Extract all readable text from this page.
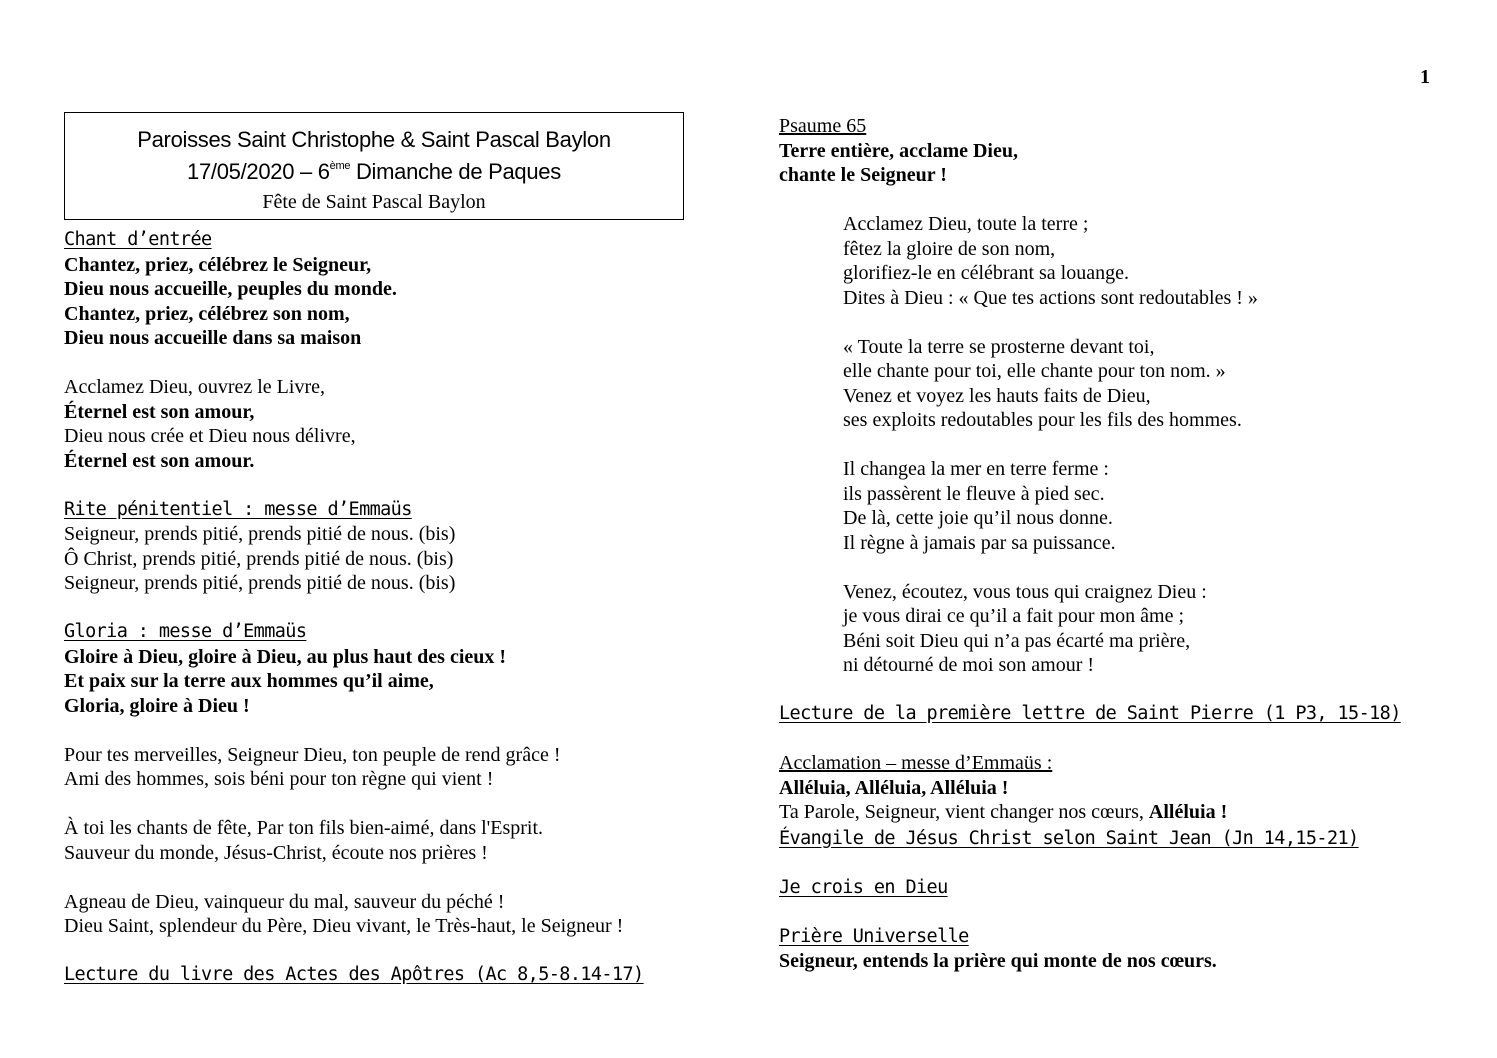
1
Paroisses Saint Christophe & Saint Pascal Baylon
17/05/2020 – 6ème Dimanche de Paques
Fête de Saint Pascal Baylon
Chant d’entrée
Chantez, priez, célébrez le Seigneur,
Dieu nous accueille, peuples du monde.
Chantez, priez, célébrez son nom,
Dieu nous accueille dans sa maison
Acclamez Dieu, ouvrez le Livre,
Éternel est son amour,
Dieu nous crée et Dieu nous délivre,
Éternel est son amour.
Rite pénitentiel : messe d’Emmaüs
Seigneur, prends pitié, prends pitié de nous. (bis)
Ô Christ, prends pitié, prends pitié de nous. (bis)
Seigneur, prends pitié, prends pitié de nous. (bis)
Gloria : messe d’Emmaüs
Gloire à Dieu, gloire à Dieu, au plus haut des cieux !
Et paix sur la terre aux hommes qu’il aime,
Gloria, gloire à Dieu !
Pour tes merveilles, Seigneur Dieu, ton peuple de rend grâce !
Ami des hommes, sois béni pour ton règne qui vient !
À toi les chants de fête, Par ton fils bien-aimé, dans l'Esprit.
Sauveur du monde, Jésus-Christ, écoute nos prières !
Agneau de Dieu, vainqueur du mal, sauveur du péché !
Dieu Saint, splendeur du Père, Dieu vivant, le Très-haut, le Seigneur !
Lecture du livre des Actes des Apôtres (Ac 8,5-8.14-17)
Psaume 65
Terre entière, acclame Dieu,
chante le Seigneur !
Acclamez Dieu, toute la terre ;
fêtez la gloire de son nom,
glorifiez-le en célébrant sa louange.
Dites à Dieu : « Que tes actions sont redoutables ! »
« Toute la terre se prosterne devant toi,
elle chante pour toi, elle chante pour ton nom. »
Venez et voyez les hauts faits de Dieu,
ses exploits redoutables pour les fils des hommes.
Il changea la mer en terre ferme :
ils passèrent le fleuve à pied sec.
De là, cette joie qu’il nous donne.
Il règne à jamais par sa puissance.
Venez, écoutez, vous tous qui craignez Dieu :
je vous dirai ce qu’il a fait pour mon âme ;
Béni soit Dieu qui n’a pas écarté ma prière,
ni détourné de moi son amour !
Lecture de la première lettre de Saint Pierre (1 P3, 15-18)
Acclamation – messe d’Emmaüs :
Alléluia, Alléluia, Alléluia !
Ta Parole, Seigneur, vient changer nos cœurs, Alléluia !
Évangile de Jésus Christ selon Saint Jean (Jn 14,15-21)
Je crois en Dieu
Prière Universelle
Seigneur, entends la prière qui monte de nos cœurs.
